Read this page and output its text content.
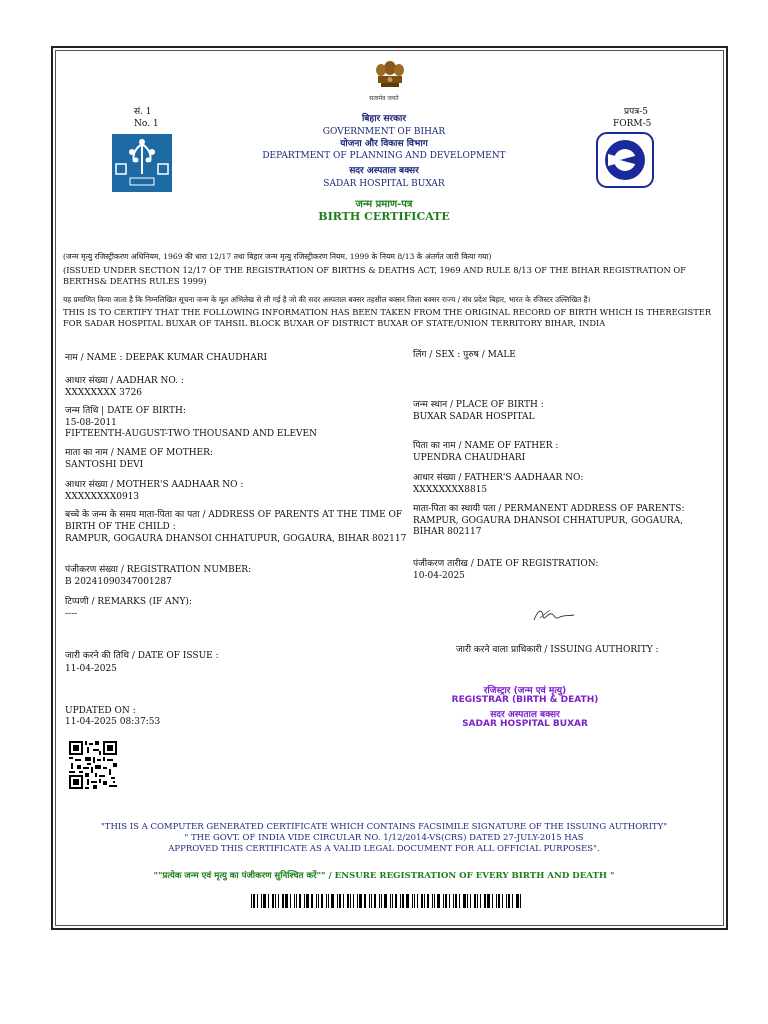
सत्यमेव जयते
सं. 1
No. 1
प्रपत्र-5
FORM-5
बिहार सरकार
GOVERNMENT OF BIHAR
योजना और विकास विभाग
DEPARTMENT OF PLANNING AND DEVELOPMENT
सदर अस्पताल बक्सर
SADAR HOSPITAL BUXAR
जन्म प्रमाण-पत्र
BIRTH CERTIFICATE
(जन्म मृत्यु रजिस्ट्रीकरण अधिनियम, 1969 की धारा 12/17 तथा बिहार जन्म मृत्यु रजिस्ट्रीकरण नियम, 1999 के नियम 8/13 के अंतर्गत जारी किया गया)
(ISSUED UNDER SECTION 12/17 OF THE REGISTRATION OF BIRTHS & DEATHS ACT, 1969 AND RULE 8/13 OF THE BIHAR REGISTRATION OF
BERTHS& DEATHS RULES 1999)
यह प्रमाणित किया जाता है कि निम्नलिखित सूचना जन्म के मूल अभिलेख से ली गई है जो की सदर अस्पताल बक्सर तहसील बक्सर जिला बक्सर राज्य / संघ प्रदेश बिहार, भारत के रजिस्टर उल्लिखित हैं।
THIS IS TO CERTIFY THAT THE FOLLOWING INFORMATION HAS BEEN TAKEN FROM THE ORIGINAL RECORD OF BIRTH WHICH IS THEREGISTER
FOR SADAR HOSPITAL BUXAR OF TAHSIL BLOCK BUXAR OF DISTRICT BUXAR OF STATE/UNION TERRITORY BIHAR, INDIA
नाम / NAME : DEEPAK KUMAR CHAUDHARI
आधार संख्या / AADHAR NO. :
XXXXXXXX 3726
जन्म तिथि | DATE OF BIRTH:
15-08-2011
FIFTEENTH-AUGUST-TWO THOUSAND AND ELEVEN
माता का नाम / NAME OF MOTHER:
SANTOSHI DEVI
आधार संख्या / MOTHER'S AADHAAR NO :
XXXXXXXX0913
बच्चे के जन्म के समय माता-पिता का पता / ADDRESS OF PARENTS AT THE TIME OF
BIRTH OF THE CHILD :
RAMPUR, GOGAURA DHANSOI CHHATUPUR, GOGAURA, BIHAR 802117
पंजीकरण संख्या / REGISTRATION NUMBER:
B 20241090347001287
टिप्पणी / REMARKS (IF ANY):
----
जारी करने की तिथि / DATE OF ISSUE :
11-04-2025
UPDATED ON :
11-04-2025 08:37:53
लिंग / SEX : पुरुष / MALE
जन्म स्थान / PLACE OF BIRTH :
BUXAR SADAR HOSPITAL
पिता का नाम / NAME OF FATHER :
UPENDRA CHAUDHARI
आधार संख्या / FATHER'S AADHAAR NO:
XXXXXXXX8815
माता-पिता का स्थायी पता / PERMANENT ADDRESS OF PARENTS:
RAMPUR, GOGAURA DHANSOI CHHATUPUR, GOGAURA,
BIHAR 802117
पंजीकरण तारीख / DATE OF REGISTRATION:
10-04-2025
जारी करने वाला प्राधिकारी / ISSUING AUTHORITY :
रजिस्ट्रार (जन्म एवं मृत्यु)
REGISTRAR (BIRTH & DEATH)
सदर अस्पताल बक्सर
SADAR HOSPITAL BUXAR
"THIS IS A COMPUTER GENERATED CERTIFICATE WHICH CONTAINS FACSIMILE SIGNATURE OF THE ISSUING AUTHORITY"
" THE GOVT. OF INDIA VIDE CIRCULAR NO. 1/12/2014-VS(CRS) DATED 27-JULY-2015 HAS
APPROVED THIS CERTIFICATE AS A VALID LEGAL DOCUMENT FOR ALL OFFICIAL PURPOSES".
""प्रत्येक जन्म एवं मृत्यु का पंजीकरण सुनिश्चित करें"" / ENSURE REGISTRATION OF EVERY BIRTH AND DEATH "
